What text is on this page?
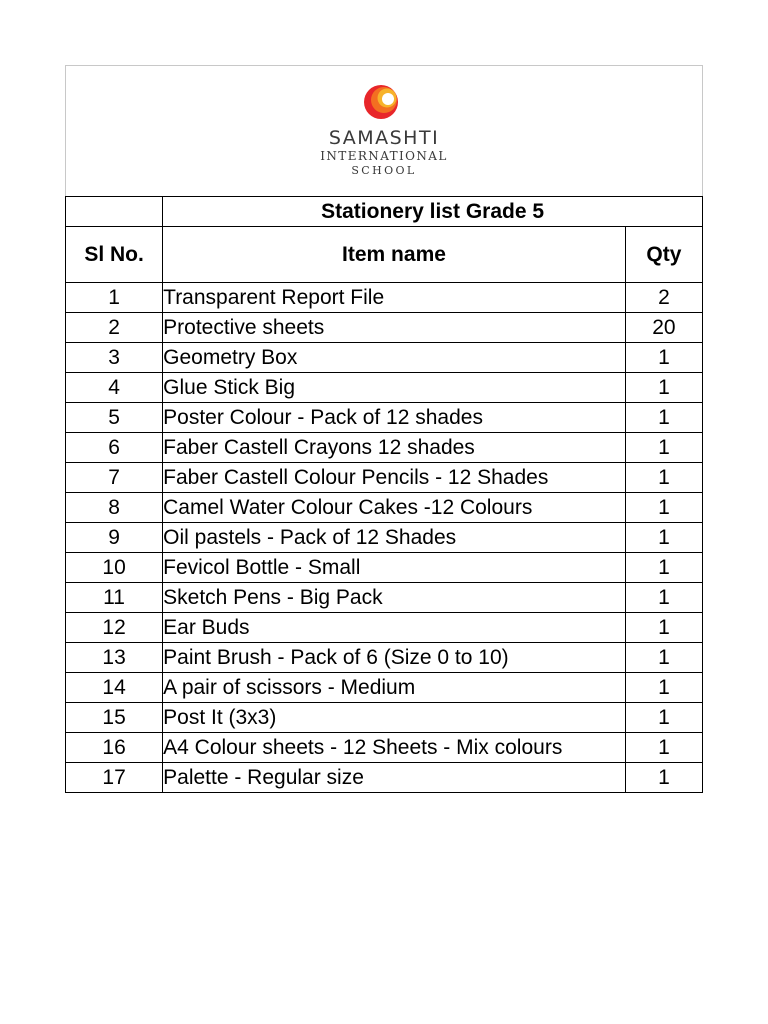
SAMASHTI
INTERNATIONAL
SCHOOL
	Stationery list Grade 5	
Sl No.	Item name	Qty
1	Transparent Report File	2
2	Protective sheets	20
3	Geometry Box	1
4	Glue Stick Big	1
5	Poster Colour - Pack of 12 shades	1
6	Faber Castell Crayons 12 shades	1
7	Faber Castell Colour Pencils - 12 Shades	1
8	Camel Water Colour Cakes -12 Colours	1
9	Oil pastels - Pack of 12 Shades	1
10	Fevicol Bottle - Small	1
11	Sketch Pens - Big Pack	1
12	Ear Buds	1
13	Paint Brush - Pack of 6 (Size 0 to 10)	1
14	A pair of scissors - Medium	1
15	Post It (3x3)	1
16	A4 Colour sheets - 12 Sheets - Mix colours	1
17	Palette - Regular size	1
